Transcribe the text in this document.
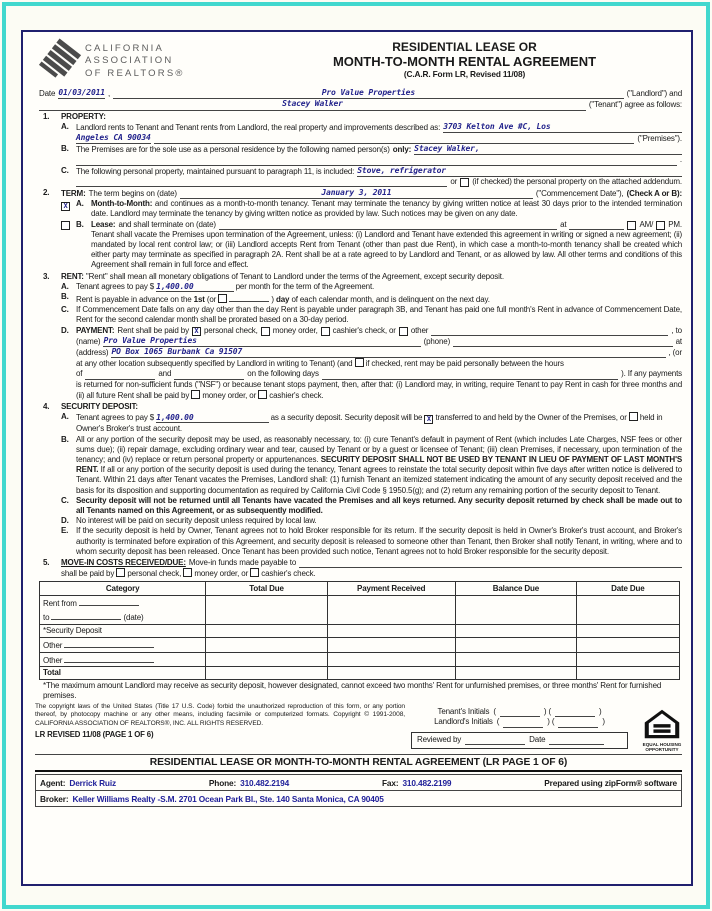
CALIFORNIA
ASSOCIATION
OF REALTORS®
RESIDENTIAL LEASE OR
MONTH-TO-MONTH RENTAL AGREEMENT
(C.A.R. Form LR, Revised 11/08)
Date 01/03/2011 ,	Pro Value Properties	("Landlord") and
Stacey Walker	("Tenant") agree as follows:
1.	PROPERTY:
A. Landlord rents to Tenant and Tenant rents from Landlord, the real property and improvements described as: 3703 Kelton Ave #C, Los
Angeles CA 90034	("Premises").
B. The Premises are for the sole use as a personal residence by the following named person(s) only: Stacey Walker,
.
C. The following personal property, maintained pursuant to paragraph 11, is included: Stove, refrigerator
or (if checked) the personal property on the attached addendum.
2.	TERM: The term begins on (date)	January 3, 2011	("Commencement Date"), (Check A or B):
X	A. Month-to-Month: and continues as a month-to-month tenancy. Tenant may terminate the tenancy by giving written notice at least 30 days prior to the intended termination date. Landlord may terminate the tenancy by giving written notice as provided by law. Such notices may be given on any date.
B. Lease: and shall terminate on (date)	at	AM/ PM.
Tenant shall vacate the Premises upon termination of the Agreement, unless: (i) Landlord and Tenant have extended this agreement in writing or signed a new agreement; (ii) mandated by local rent control law; or (iii) Landlord accepts Rent from Tenant (other than past due Rent), in which case a month-to-month tenancy shall be created which either party may terminate as specified in paragraph 2A. Rent shall be at a rate agreed to by Landlord and Tenant, or as allowed by law. All other terms and conditions of this Agreement shall remain in full force and effect.
3.	RENT: "Rent" shall mean all monetary obligations of Tenant to Landlord under the terms of the Agreement, except security deposit.
A. Tenant agrees to pay $ 1,400.00	per month for the term of the Agreement.
B. Rent is payable in advance on the 1st (or	) day of each calendar month, and is delinquent on the next day.
C. If Commencement Date falls on any day other than the day Rent is payable under paragraph 3B, and Tenant has paid one full month's Rent in advance of Commencement Date, Rent for the second calendar month shall be prorated based on a 30-day period.
D. PAYMENT: Rent shall be paid by X personal check, money order, cashier's check, or other	, to
(name) Pro Value Properties	(phone)	at
(address) PO Box 1065 Burbank Ca 91507	, (or
at any other location subsequently specified by Landlord in writing to Tenant) (and if checked, rent may be paid personally between the hours
of	and	on the following days	). If any payments
is returned for non-sufficient funds ("NSF") or because tenant stops payment, then, after that: (i) Landlord may, in writing, require Tenant to pay Rent in cash for three months and (ii) all future Rent shall be paid by money order, or cashier's check.
4.	SECURITY DEPOSIT:
A. Tenant agrees to pay $ 1,400.00	as a security deposit. Security deposit will be X transferred to and held by the Owner of the Premises, or held in Owner's Broker's trust account.
B. All or any portion of the security deposit may be used, as reasonably necessary, to: (i) cure Tenant's default in payment of Rent (which includes Late Charges, NSF fees or other sums due); (ii) repair damage, excluding ordinary wear and tear, caused by Tenant or by a guest or licensee of Tenant; (iii) clean Premises, if necessary, upon termination of the tenancy; and (iv) replace or return personal property or appurtenances. SECURITY DEPOSIT SHALL NOT BE USED BY TENANT IN LIEU OF PAYMENT OF LAST MONTH'S RENT. If all or any portion of the security deposit is used during the tenancy, Tenant agrees to reinstate the total security deposit within five days after written notice is delivered to Tenant. Within 21 days after Tenant vacates the Premises, Landlord shall: (1) furnish Tenant an itemized statement indicating the amount of any security deposit received and the basis for its disposition and supporting documentation as required by California Civil Code § 1950.5(g); and (2) return any remaining portion of the security deposit to Tenant.
C. Security deposit will not be returned until all Tenants have vacated the Premises and all keys returned. Any security deposit returned by check shall be made out to all Tenants named on this Agreement, or as subsequently modified.
D. No interest will be paid on security deposit unless required by local law.
E. If the security deposit is held by Owner, Tenant agrees not to hold Broker responsible for its return. If the security deposit is held in Owner's Broker's trust account, and Broker's authority is terminated before expiration of this Agreement, and security deposit is released to someone other than Tenant, then Broker shall notify Tenant, in writing, where and to whom security deposit has been released. Once Tenant has been provided such notice, Tenant agrees not to hold Broker responsible for the security deposit.
5.	MOVE-IN COSTS RECEIVED/DUE: Move-in funds made payable to
shall be paid by personal check, money order, or cashier's check.
Category	Total Due	Payment Received	Balance Due	Date Due
Rent from
to (date)				
*Security Deposit				
Other				
Other				
Total				
*The maximum amount Landlord may receive as security deposit, however designated, cannot exceed two months' Rent for unfurnished premises, or three months' Rent for furnished premises.
The copyright laws of the United States (Title 17 U.S. Code) forbid the unauthorized reproduction of this form, or any portion thereof, by photocopy machine or any other means, including facsimile or computerized formats. Copyright © 1991-2008, CALIFORNIA ASSOCIATION OF REALTORS®, INC. ALL RIGHTS RESERVED.
LR REVISED 11/08 (PAGE 1 OF 6)
Tenant's Initials (	) (	)
Landlord's Initials (	) (	)
Reviewed by	Date
EQUAL HOUSING
OPPORTUNITY
RESIDENTIAL LEASE OR MONTH-TO-MONTH RENTAL AGREEMENT (LR PAGE 1 OF 6)
Agent: Derrick Ruiz	Phone: 310.482.2194	Fax: 310.482.2199	Prepared using zipForm® software
Broker: Keller Williams Realty -S.M. 2701 Ocean Park Bl., Ste. 140 Santa Monica, CA 90405
